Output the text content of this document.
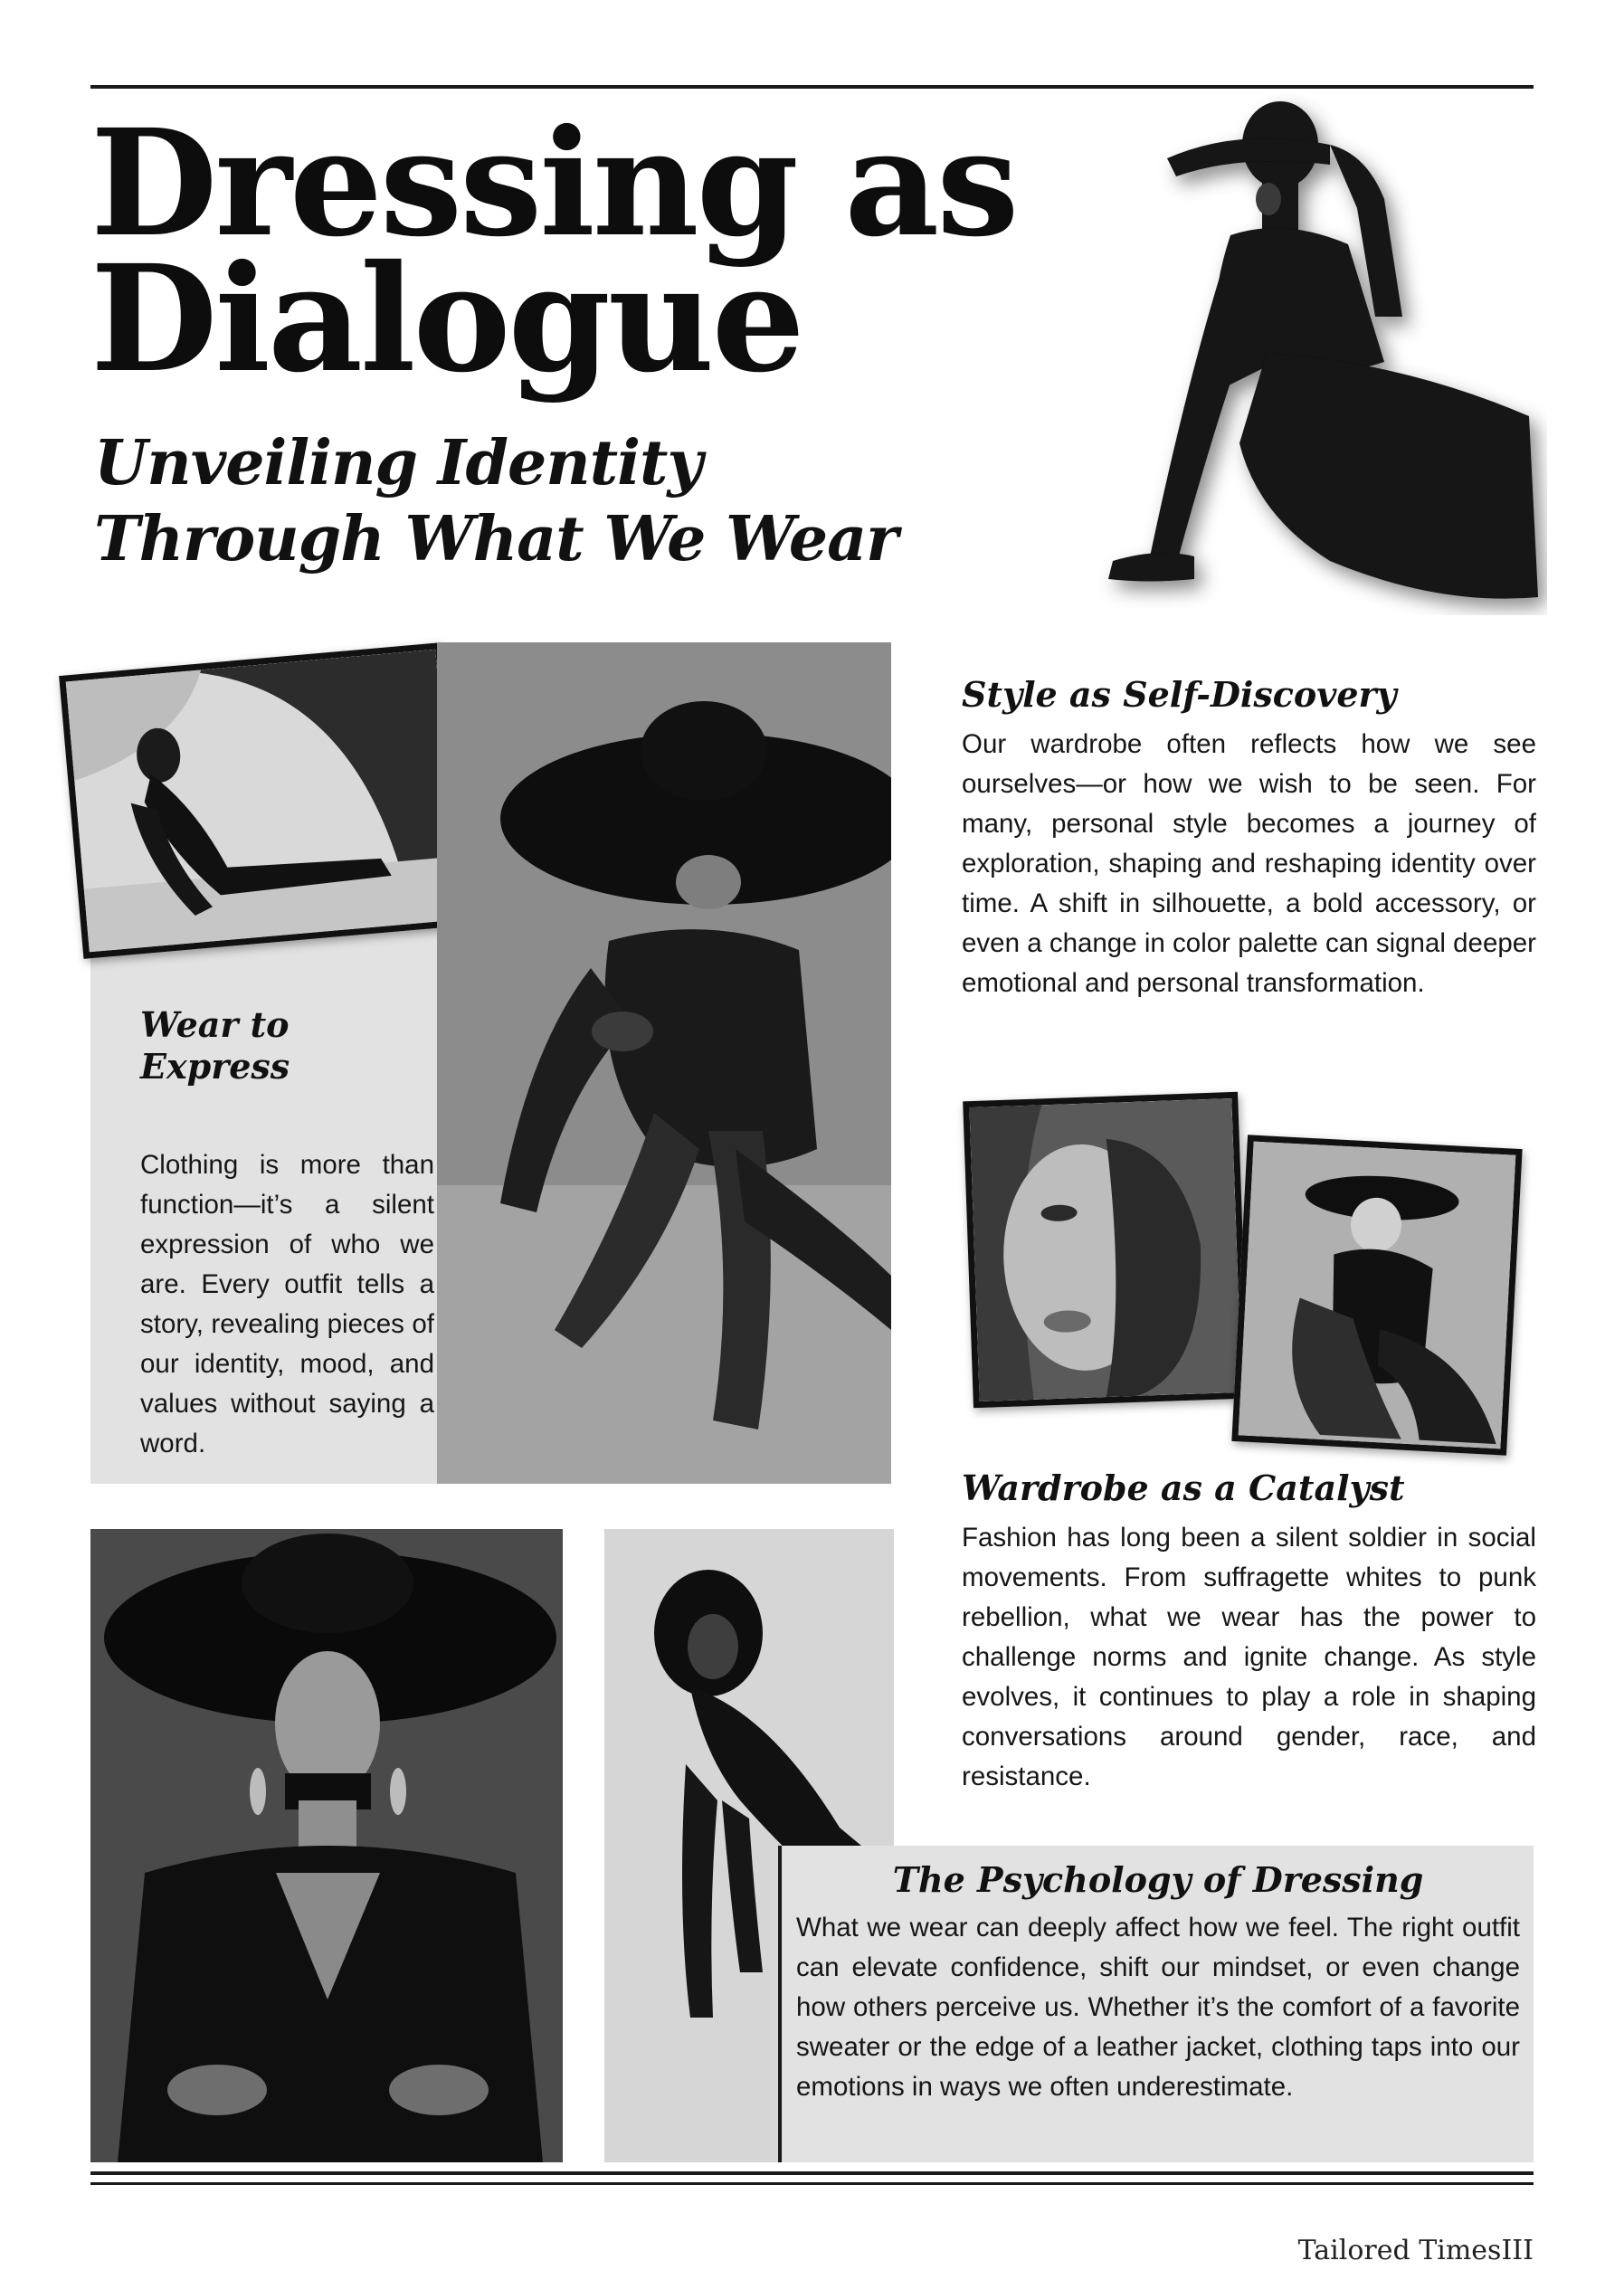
Dressing as
Dialogue
Unveiling Identity
Through What We Wear
Wear to Express

Clothing is more than function—it’s a silent expression of who we are. Every outfit tells a story, revealing pieces of our identity, mood, and values without saying a word.

Style as Self-Discovery

Our wardrobe often reflects how we see ourselves—or how we wish to be seen. For many, personal style becomes a journey of exploration, shaping and reshaping identity over time. A shift in silhouette, a bold accessory, or even a change in color palette can signal deeper emotional and personal transformation.

Wardrobe as a Catalyst

Fashion has long been a silent soldier in social movements. From suffragette whites to punk rebellion, what we wear has the power to challenge norms and ignite change. As style evolves, it continues to play a role in shaping conversations around gender, race, and resistance.

The Psychology of Dressing

What we wear can deeply affect how we feel. The right outfit can elevate confidence, shift our mindset, or even change how others perceive us. Whether it’s the comfort of a favorite sweater or the edge of a leather jacket, clothing taps into our emotions in ways we often underestimate.

Tailored TimesIII
